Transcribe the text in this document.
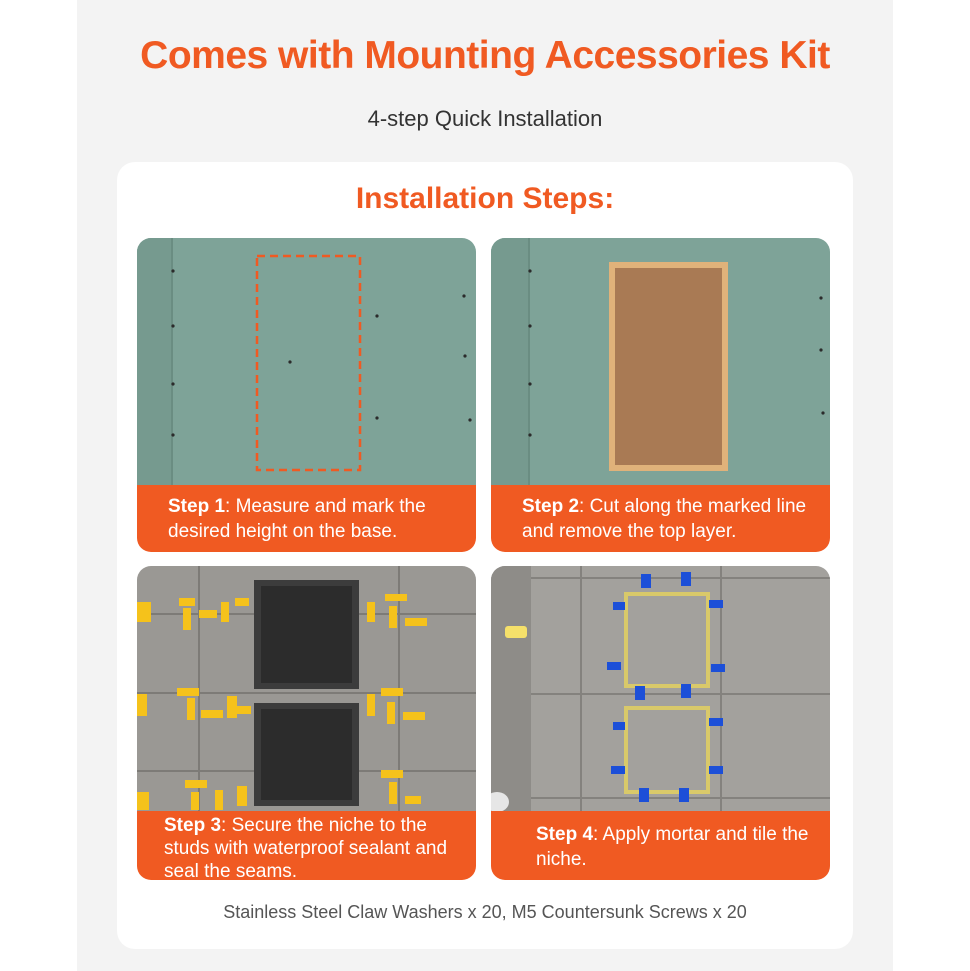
Comes with Mounting Accessories Kit
4-step Quick Installation
Installation Steps:
Step 1: Measure and mark the desired height on the base.
Step 2: Cut along the marked line and remove the top layer.
Step 3: Secure the niche to the studs with waterproof sealant and seal the seams.
Step 4: Apply mortar and tile the niche.
Stainless Steel Claw Washers x 20, M5 Countersunk Screws x 20
